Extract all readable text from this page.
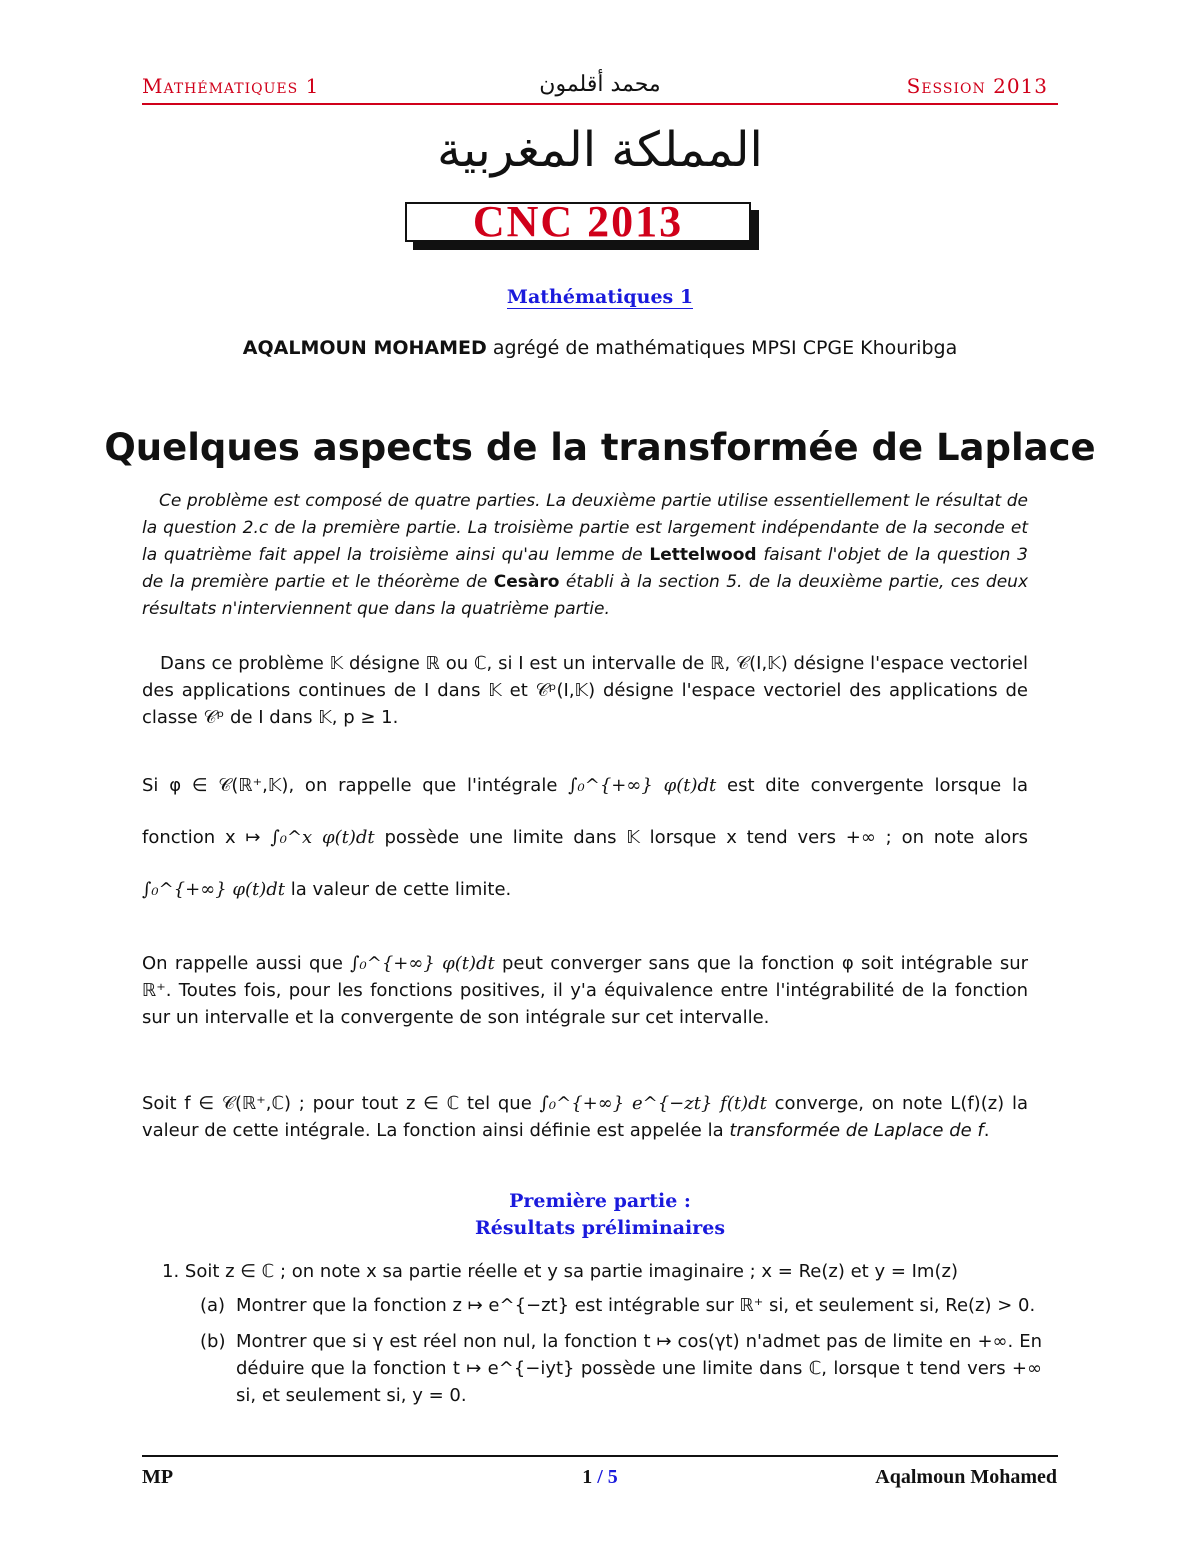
Mathématiques 1	محمد أقلمون	Session 2013
المملكة المغربية
CNC 2013
Mathématiques 1
AQALMOUN MOHAMED agrégé de mathématiques MPSI CPGE Khouribga
Quelques aspects de la transformée de Laplace
 Ce problème est composé de quatre parties. La deuxième partie utilise essentiellement le résultat de la question 2.c de la première partie. La troisième partie est largement indépendante de la seconde et la quatrième fait appel la troisième ainsi qu'au lemme de Lettelwood faisant l'objet de la question 3 de la première partie et le théorème de Cesàro établi à la section 5. de la deuxième partie, ces deux résultats n'interviennent que dans la quatrième partie.
 Dans ce problème 𝕂 désigne ℝ ou ℂ, si I est un intervalle de ℝ, 𝒞(I,𝕂) désigne l'espace vectoriel des applications continues de I dans 𝕂 et 𝒞ᵖ(I,𝕂) désigne l'espace vectoriel des applications de classe 𝒞ᵖ de I dans 𝕂, p ≥ 1.
Si φ ∈ 𝒞(ℝ⁺,𝕂), on rappelle que l'intégrale ∫₀^{+∞} φ(t)dt est dite convergente lorsque la fonction x ↦ ∫₀^x φ(t)dt possède une limite dans 𝕂 lorsque x tend vers +∞ ; on note alors ∫₀^{+∞} φ(t)dt la valeur de cette limite.
On rappelle aussi que ∫₀^{+∞} φ(t)dt peut converger sans que la fonction φ soit intégrable sur ℝ⁺. Toutes fois, pour les fonctions positives, il y'a équivalence entre l'intégrabilité de la fonction sur un intervalle et la convergente de son intégrale sur cet intervalle.
Soit f ∈ 𝒞(ℝ⁺,ℂ) ; pour tout z ∈ ℂ tel que ∫₀^{+∞} e^{−zt} f(t)dt converge, on note L(f)(z) la valeur de cette intégrale. La fonction ainsi définie est appelée la transformée de Laplace de f.
Première partie :
Résultats préliminaires
1. Soit z ∈ ℂ ; on note x sa partie réelle et y sa partie imaginaire ; x = Re(z) et y = Im(z)
(a) Montrer que la fonction z ↦ e^{−zt} est intégrable sur ℝ⁺ si, et seulement si, Re(z) > 0.
(b) Montrer que si γ est réel non nul, la fonction t ↦ cos(γt) n'admet pas de limite en +∞. En déduire que la fonction t ↦ e^{−iyt} possède une limite dans ℂ, lorsque t tend vers +∞ si, et seulement si, y = 0.
MP	1 / 5	Aqalmoun Mohamed
